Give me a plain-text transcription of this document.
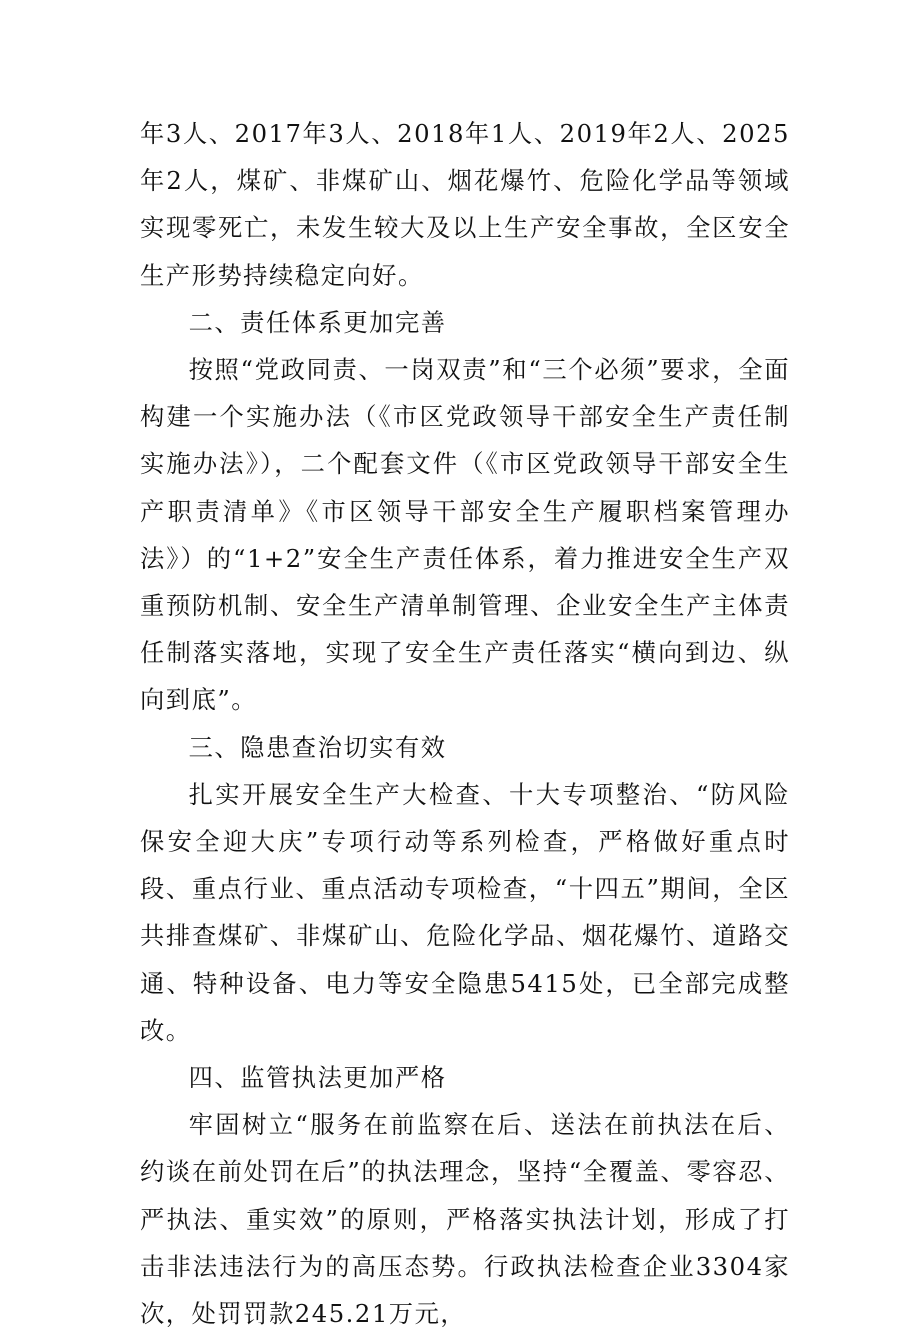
年3人、2017年3人、2018年1人、2019年2人、2025年2人，煤矿、非煤矿山、烟花爆竹、危险化学品等领域实现零死亡，未发生较大及以上生产安全事故，全区安全生产形势持续稳定向好。

二、责任体系更加完善

按照“党政同责、一岗双责”和“三个必须”要求，全面构建一个实施办法（《市区党政领导干部安全生产责任制实施办法》），二个配套文件（《市区党政领导干部安全生产职责清单》《市区领导干部安全生产履职档案管理办法》）的“1+2”安全生产责任体系，着力推进安全生产双重预防机制、安全生产清单制管理、企业安全生产主体责任制落实落地，实现了安全生产责任落实“横向到边、纵向到底”。

三、隐患查治切实有效

扎实开展安全生产大检查、十大专项整治、“防风险保安全迎大庆”专项行动等系列检查，严格做好重点时段、重点行业、重点活动专项检查，“十四五”期间，全区共排查煤矿、非煤矿山、危险化学品、烟花爆竹、道路交通、特种设备、电力等安全隐患5415处，已全部完成整改。

四、监管执法更加严格

牢固树立“服务在前监察在后、送法在前执法在后、约谈在前处罚在后”的执法理念，坚持“全覆盖、零容忍、严执法、重实效”的原则，严格落实执法计划，形成了打击非法违法行为的高压态势。行政执法检查企业3304家次，处罚罚款245.21万元，
